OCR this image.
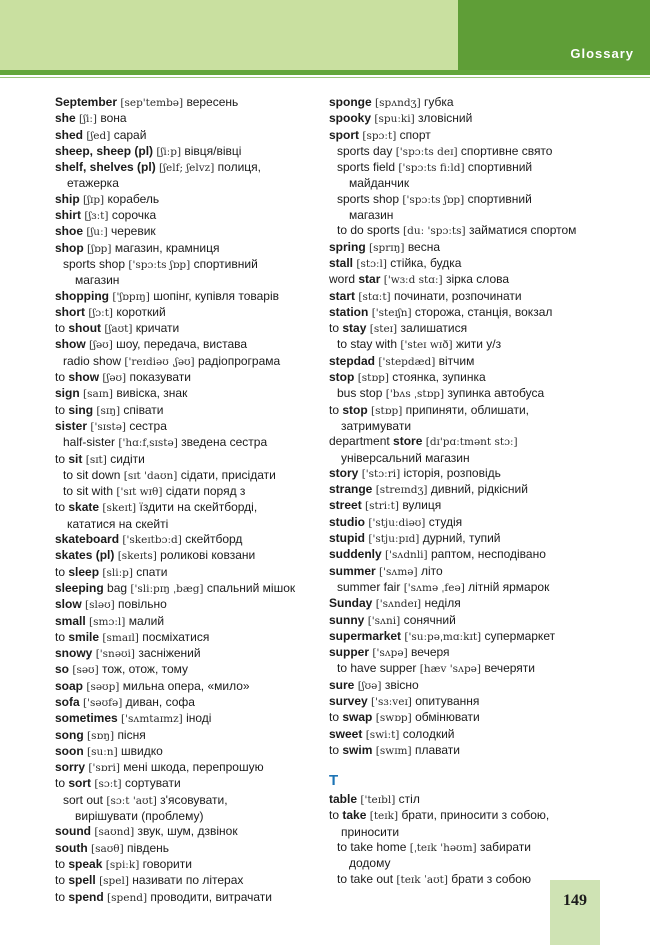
Glossary
September [sep'tembə] вересень
she [ʃiː] вона
shed [ʃed] сарай
sheep, sheep (pl) [ʃiːp] вівця/вівці
shelf, shelves (pl) [ʃelf; ʃelvz] полиця,
етажерка
ship [ʃɪp] корабель
shirt [ʃɜːt] сорочка
shoe [ʃuː] черевик
shop [ʃɒp] магазин, крамниця
sports shop ['spɔːts ʃɒp] спортивний
магазин
shopping ['ʃɒpɪŋ] шопінг, купівля товарів
short [ʃɔːt] короткий
to shout [ʃaʊt] кричати
show [ʃəʊ] шоу, передача, вистава
radio show ['reɪdiəʊ ˌʃəʊ] радіопрограма
to show [ʃəʊ] показувати
sign [saɪn] вивіска, знак
to sing [sɪŋ] співати
sister ['sɪstə] сестра
half-sister ['hɑːfˌsɪstə] зведена сестра
to sit [sɪt] сидіти
to sit down [sɪt 'daʊn] сідати, присідати
to sit with ['sɪt wɪθ] сідати поряд з
to skate [skeɪt] їздити на скейтборді,
кататися на скейті
skateboard ['skeɪtbɔːd] скейтборд
skates (pl) [skeɪts] роликові ковзани
to sleep [sliːp] спати
sleeping bag ['sliːpɪŋ ˌbæg] спальний мішок
slow [sləʊ] повільно
small [smɔːl] малий
to smile [smaɪl] посміхатися
snowy ['snəʊi] засніжений
so [səʊ] тож, отож, тому
soap [səʊp] мильна опера, «мило»
sofa ['səʊfə] диван, софа
sometimes ['sʌmtaɪmz] іноді
song [sɒŋ] пісня
soon [suːn] швидко
sorry ['sɒri] мені шкода, перепрошую
to sort [sɔːt] сортувати
sort out [sɔːt 'aʊt] з'ясовувати,
вирішувати (проблему)
sound [saʊnd] звук, шум, дзвінок
south [saʊθ] південь
to speak [spiːk] говорити
to spell [spel] називати по літерах
to spend [spend] проводити, витрачати
sponge [spʌndʒ] губка
spooky [spuːki] зловісний
sport [spɔːt] спорт
sports day ['spɔːts deɪ] спортивне свято
sports field ['spɔːts fiːld] спортивний
майданчик
sports shop ['spɔːts ʃɒp] спортивний
магазин
to do sports [duː 'spɔːts] займатися спортом
spring [sprɪŋ] весна
stall [stɔːl] стійка, будка
word star ['wɜːd stɑː] зірка слова
start [stɑːt] починати, розпочинати
station ['steɪʃn] сторожа, станція, вокзал
to stay [steɪ] залишатися
to stay with ['steɪ wɪð] жити у/з
stepdad ['stepdæd] вітчим
stop [stɒp] стоянка, зупинка
bus stop ['bʌs ˌstɒp] зупинка автобуса
to stop [stɒp] припиняти, облишати,
затримувати
department store [dɪ'pɑːtmənt stɔː]
універсальний магазин
story ['stɔːri] історія, розповідь
strange [streɪndʒ] дивний, рідкісний
street [striːt] вулиця
studio ['stjuːdiəʊ] студія
stupid ['stjuːpɪd] дурний, тупий
suddenly ['sʌdnli] раптом, несподівано
summer ['sʌmə] літо
summer fair ['sʌmə ˌfeə] літній ярмарок
Sunday ['sʌndeɪ] неділя
sunny ['sʌni] сонячний
supermarket ['suːpəˌmɑːkɪt] супермаркет
supper ['sʌpə] вечеря
to have supper [hæv 'sʌpə] вечеряти
sure [ʃʊə] звісно
survey ['sɜːveɪ] опитування
to swap [swɒp] обмінювати
sweet [swiːt] солодкий
to swim [swɪm] плавати
T
table ['teɪbl] стіл
to take [teɪk] брати, приносити з собою,
приносити
to take home [ˌteɪk 'həʊm] забирати
додому
to take out [teɪk ˈaʊt] брати з собою
149
